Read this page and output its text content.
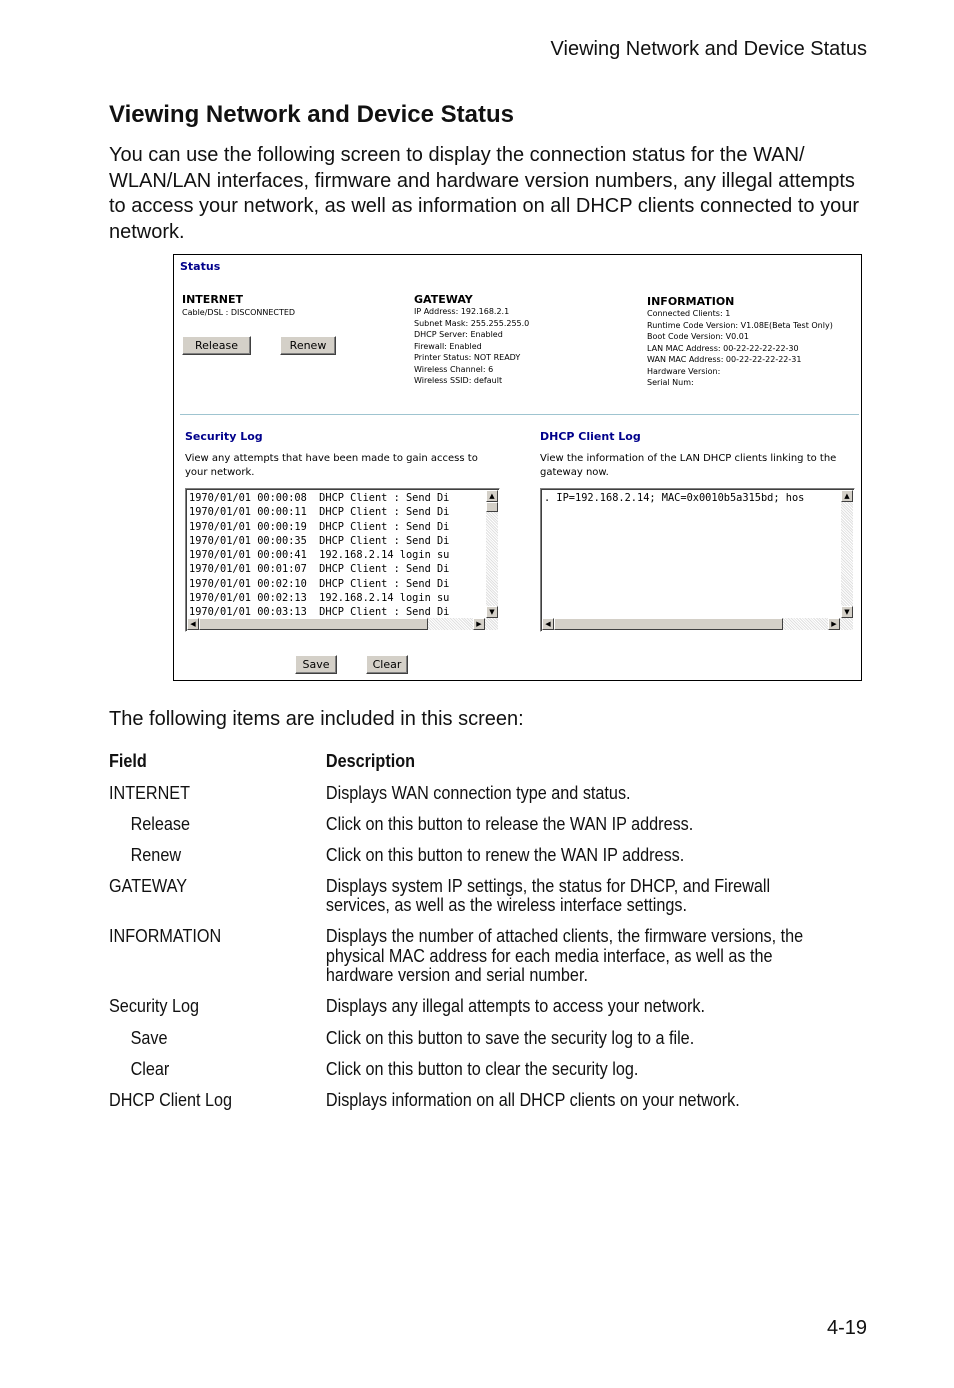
Viewing Network and Device Status
Viewing Network and Device Status

You can use the following screen to display the connection status for the WAN/ WLAN/LAN interfaces, firmware and hardware version numbers, any illegal attempts to access your network, as well as information on all DHCP clients connected to your network.

Status
INTERNET
Cable/DSL : DISCONNECTED
Release	Renew
GATEWAY
IP Address: 192.168.2.1
Subnet Mask: 255.255.255.0
DHCP Server: Enabled
Firewall: Enabled
Printer Status: NOT READY
Wireless Channel: 6
Wireless SSID: default
INFORMATION
Connected Clients: 1
Runtime Code Version: V1.08E(Beta Test Only)
Boot Code Version: V0.01
LAN MAC Address: 00-22-22-22-22-30
WAN MAC Address: 00-22-22-22-22-31
Hardware Version:
Serial Num:
Security Log
View any attempts that have been made to gain access to your network.
1970/01/01 00:00:08  DHCP Client : Send Di
1970/01/01 00:00:11  DHCP Client : Send Di
1970/01/01 00:00:19  DHCP Client : Send Di
1970/01/01 00:00:35  DHCP Client : Send Di
1970/01/01 00:00:41  192.168.2.14 login su
1970/01/01 00:01:07  DHCP Client : Send Di
1970/01/01 00:02:10  DHCP Client : Send Di
1970/01/01 00:02:13  192.168.2.14 login su
1970/01/01 00:03:13  DHCP Client : Send Di
▲
▼
◀	▶
Save	Clear
DHCP Client Log
View the information of the LAN DHCP clients linking to the gateway now.
. IP=192.168.2.14; MAC=0x0010b5a315bd; hos	▲
▼
◀	▶

The following items are included in this screen:

Field	Description
INTERNET	Displays WAN connection type and status.
Release	Click on this button to release the WAN IP address.
Renew	Click on this button to renew the WAN IP address.
GATEWAY	Displays system IP settings, the status for DHCP, and Firewall services, as well as the wireless interface settings.
INFORMATION	Displays the number of attached clients, the firmware versions, the physical MAC address for each media interface, as well as the hardware version and serial number.
Security Log	Displays any illegal attempts to access your network.
Save	Click on this button to save the security log to a file.
Clear	Click on this button to clear the security log.
DHCP Client Log	Displays information on all DHCP clients on your network.
4-19
